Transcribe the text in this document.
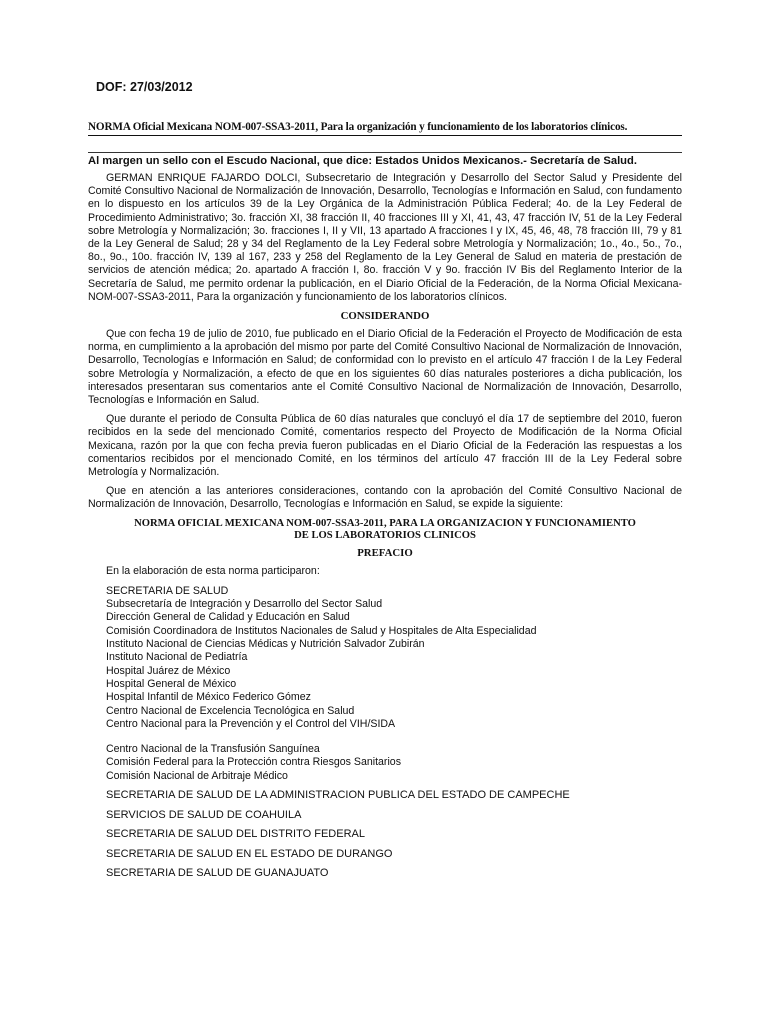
DOF: 27/03/2012
NORMA Oficial Mexicana NOM-007-SSA3-2011, Para la organización y funcionamiento de los laboratorios clínicos.
Al margen un sello con el Escudo Nacional, que dice: Estados Unidos Mexicanos.- Secretaría de Salud.

GERMAN ENRIQUE FAJARDO DOLCI, Subsecretario de Integración y Desarrollo del Sector Salud y Presidente del Comité Consultivo Nacional de Normalización de Innovación, Desarrollo, Tecnologías e Información en Salud, con fundamento en lo dispuesto en los artículos 39 de la Ley Orgánica de la Administración Pública Federal; 4o. de la Ley Federal de Procedimiento Administrativo; 3o. fracción XI, 38 fracción II, 40 fracciones III y XI, 41, 43, 47 fracción IV, 51 de la Ley Federal sobre Metrología y Normalización; 3o. fracciones I, II y VII, 13 apartado A fracciones I y IX, 45, 46, 48, 78 fracción III, 79 y 81 de la Ley General de Salud; 28 y 34 del Reglamento de la Ley Federal sobre Metrología y Normalización; 1o., 4o., 5o., 7o., 8o., 9o., 10o. fracción IV, 139 al 167, 233 y 258 del Reglamento de la Ley General de Salud en materia de prestación de servicios de atención médica; 2o. apartado A fracción I, 8o. fracción V y 9o. fracción IV Bis del Reglamento Interior de la Secretaría de Salud, me permito ordenar la publicación, en el Diario Oficial de la Federación, de la Norma Oficial Mexicana-NOM-007-SSA3-2011, Para la organización y funcionamiento de los laboratorios clínicos.

CONSIDERANDO

Que con fecha 19 de julio de 2010, fue publicado en el Diario Oficial de la Federación el Proyecto de Modificación de esta norma, en cumplimiento a la aprobación del mismo por parte del Comité Consultivo Nacional de Normalización de Innovación, Desarrollo, Tecnologías e Información en Salud; de conformidad con lo previsto en el artículo 47 fracción I de la Ley Federal sobre Metrología y Normalización, a efecto de que en los siguientes 60 días naturales posteriores a dicha publicación, los interesados presentaran sus comentarios ante el Comité Consultivo Nacional de Normalización de Innovación, Desarrollo, Tecnologías e Información en Salud.

Que durante el periodo de Consulta Pública de 60 días naturales que concluyó el día 17 de septiembre del 2010, fueron recibidos en la sede del mencionado Comité, comentarios respecto del Proyecto de Modificación de la Norma Oficial Mexicana, razón por la que con fecha previa fueron publicadas en el Diario Oficial de la Federación las respuestas a los comentarios recibidos por el mencionado Comité, en los términos del artículo 47 fracción III de la Ley Federal sobre Metrología y Normalización.

Que en atención a las anteriores consideraciones, contando con la aprobación del Comité Consultivo Nacional de Normalización de Innovación, Desarrollo, Tecnologías e Información en Salud, se expide la siguiente:

NORMA OFICIAL MEXICANA NOM-007-SSA3-2011, PARA LA ORGANIZACION Y FUNCIONAMIENTO
DE LOS LABORATORIOS CLINICOS
PREFACIO

En la elaboración de esta norma participaron:

SECRETARIA DE SALUD
Subsecretaría de Integración y Desarrollo del Sector Salud
Dirección General de Calidad y Educación en Salud
Comisión Coordinadora de Institutos Nacionales de Salud y Hospitales de Alta Especialidad
Instituto Nacional de Ciencias Médicas y Nutrición Salvador Zubirán
Instituto Nacional de Pediatría
Hospital Juárez de México
Hospital General de México
Hospital Infantil de México Federico Gómez
Centro Nacional de Excelencia Tecnológica en Salud
Centro Nacional para la Prevención y el Control del VIH/SIDA
Centro Nacional de la Transfusión Sanguínea
Comisión Federal para la Protección contra Riesgos Sanitarios
Comisión Nacional de Arbitraje Médico
SECRETARIA DE SALUD DE LA ADMINISTRACION PUBLICA DEL ESTADO DE CAMPECHE
SERVICIOS DE SALUD DE COAHUILA
SECRETARIA DE SALUD DEL DISTRITO FEDERAL
SECRETARIA DE SALUD EN EL ESTADO DE DURANGO
SECRETARIA DE SALUD DE GUANAJUATO
